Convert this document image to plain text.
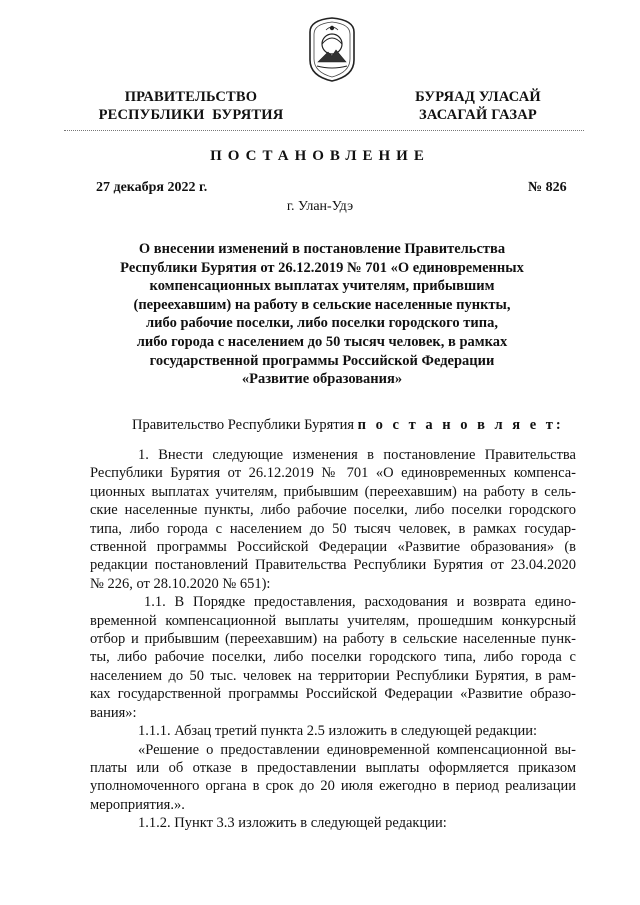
ПРАВИТЕЛЬСТВО
РЕСПУБЛИКИ  БУРЯТИЯ
БУРЯАД УЛАСАЙ
ЗАСАГАЙ ГАЗАР
ПОСТАНОВЛЕНИЕ
27 декабря 2022 г.	№ 826
г. Улан-Удэ
О внесении изменений в постановление Правительства
Республики Бурятия от 26.12.2019 № 701 «О единовременных
компенсационных выплатах учителям, прибывшим
(переехавшим) на работу в сельские населенные пункты,
либо рабочие поселки, либо поселки городского типа,
либо города с населением до 50 тысяч человек, в рамках
государственной программы Российской Федерации
«Развитие образования»
Правительство Республики Бурятия п о с т а н о в л я е т:

1. Внести следующие изменения в постановление Правительства

Республики Бурятия от 26.12.2019 № 701 «О единовременных компенса-

ционных выплатах учителям, прибывшим (переехавшим) на работу в сель-

ские населенные пункты, либо рабочие поселки, либо поселки городского

типа, либо города с населением до 50 тысяч человек, в рамках государ-

ственной программы Российской Федерации «Развитие образования» (в

редакции постановлений Правительства Республики Бурятия от 23.04.2020

№ 226, от 28.10.2020 № 651):

1.1. В Порядке предоставления, расходования и возврата едино-

временной компенсационной выплаты учителям, прошедшим конкурсный

отбор и прибывшим (переехавшим) на работу в сельские населенные пунк-

ты, либо рабочие поселки, либо поселки городского типа, либо города с

населением до 50 тыс. человек на территории Республики Бурятия, в рам-

ках государственной программы Российской Федерации «Развитие образо-

вания»:

1.1.1. Абзац третий пункта 2.5 изложить в следующей редакции:

«Решение о предоставлении единовременной компенсационной вы-

платы или об отказе в предоставлении выплаты оформляется приказом

уполномоченного органа в срок до 20 июля ежегодно в период реализации

мероприятия.».

1.1.2. Пункт 3.3 изложить в следующей редакции:
